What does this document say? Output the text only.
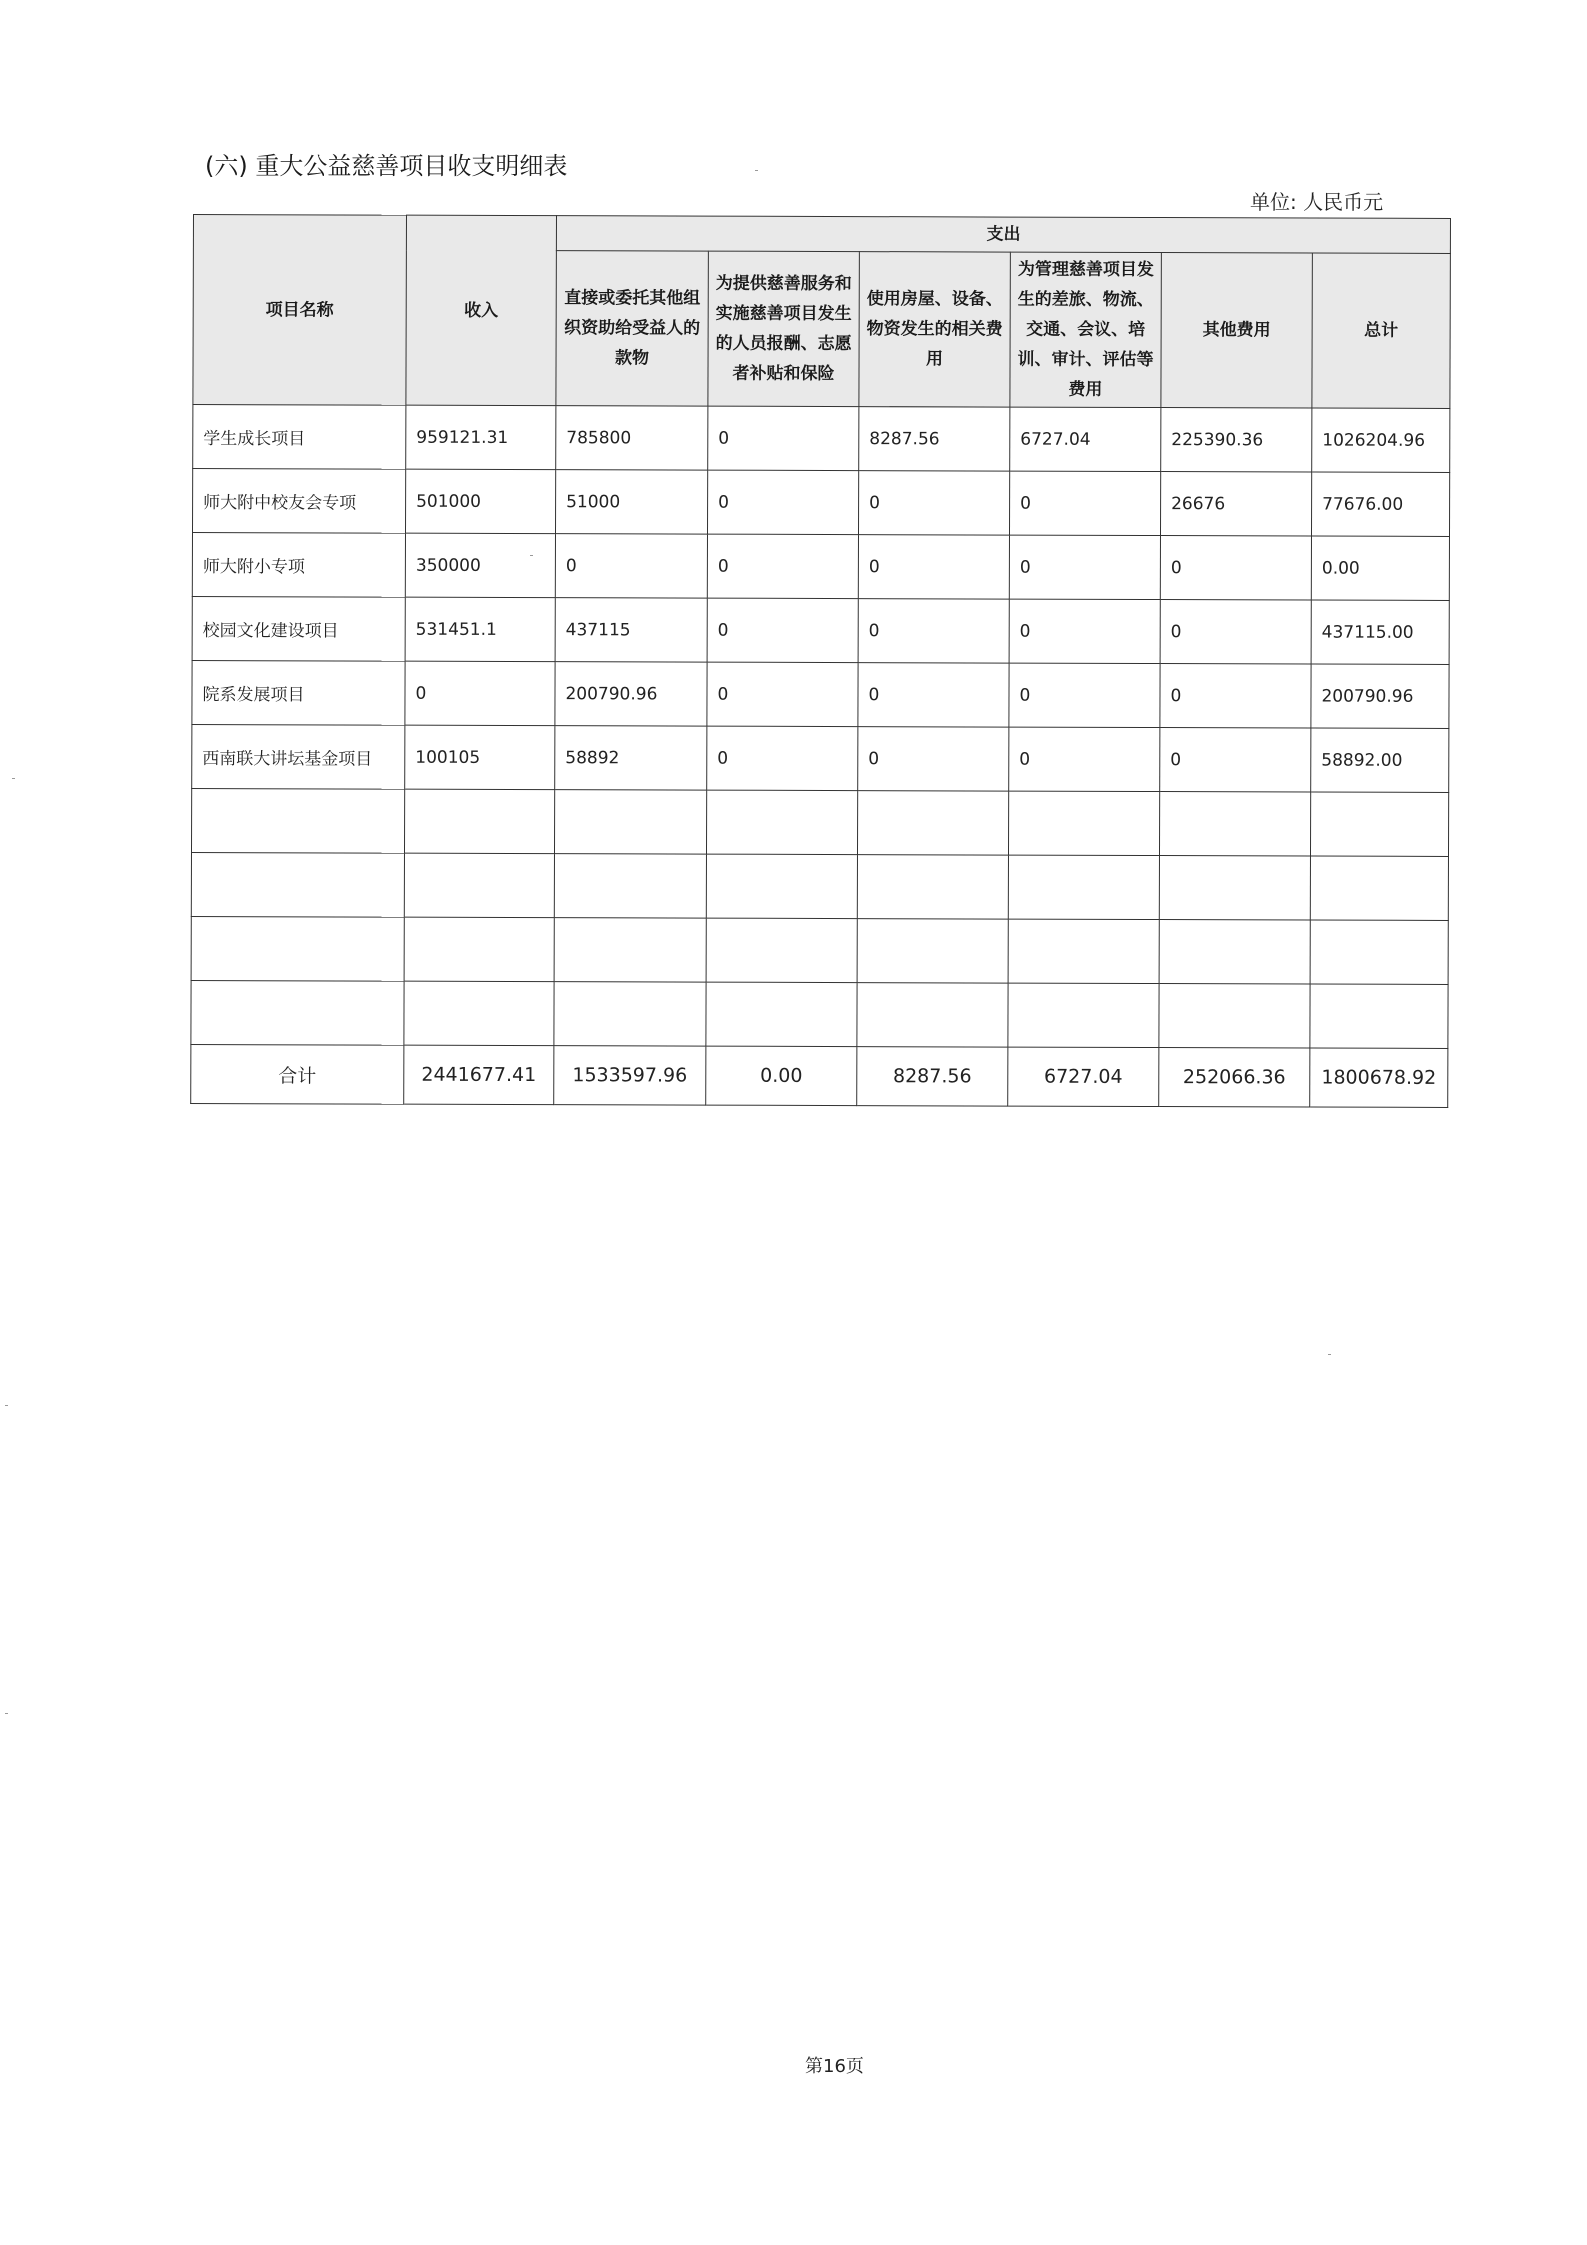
(六) 重大公益慈善项目收支明细表
单位: 人民币元
项目名称	收入	支出					
		直接或委托其他组织资助给受益人的款物	为提供慈善服务和实施慈善项目发生的人员报酬、志愿者补贴和保险	使用房屋、设备、物资发生的相关费用	为管理慈善项目发生的差旅、物流、交通、会议、培训、审计、评估等费用	其他费用	总计
学生成长项目	959121.31	785800	0	8287.56	6727.04	225390.36	1026204.96
师大附中校友会专项	501000	51000	0	0	0	26676	77676.00
师大附小专项	350000	0	0	0	0	0	0.00
校园文化建设项目	531451.1	437115	0	0	0	0	437115.00
院系发展项目	0	200790.96	0	0	0	0	200790.96
西南联大讲坛基金项目	100105	58892	0	0	0	0	58892.00

合计	2441677.41	1533597.96	0.00	8287.56	6727.04	252066.36	1800678.92
第16页
